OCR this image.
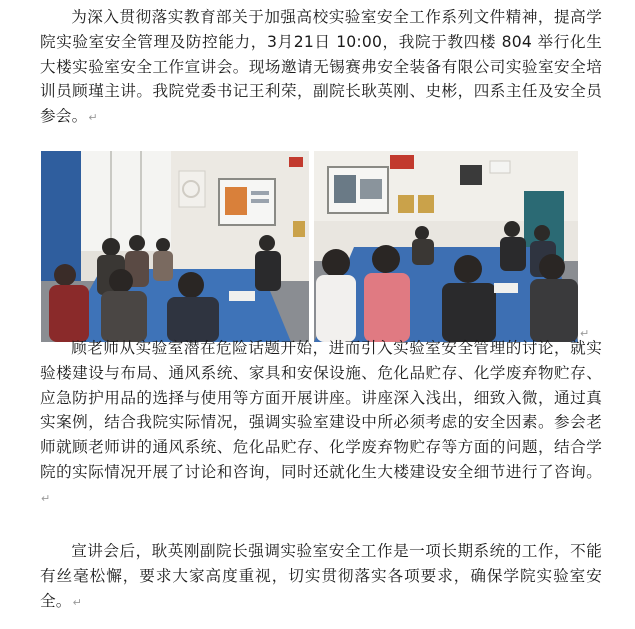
为深入贯彻落实教育部关于加强高校实验室安全工作系列文件精神，提高学院实验室安全管理及防控能力，3月21日 10:00，我院于教四楼 804 举行化生大楼实验室安全工作宣讲会。现场邀请无锡赛弗安全装备有限公司实验室安全培训员顾瑾主讲。我院党委书记王利荣，副院长耿英刚、史彬，四系主任及安全员参会。↵

↵

顾老师从实验室潜在危险话题开始，进而引入实验室安全管理的讨论，就实验楼建设与布局、通风系统、家具和安保设施、危化品贮存、化学废弃物贮存、应急防护用品的选择与使用等方面开展讲座。讲座深入浅出，细致入微，通过真实案例，结合我院实际情况，强调实验室建设中所必须考虑的安全因素。参会老师就顾老师讲的通风系统、危化品贮存、化学废弃物贮存等方面的问题，结合学院的实际情况开展了讨论和咨询，同时还就化生大楼建设安全细节进行了咨询。↵

宣讲会后，耿英刚副院长强调实验室安全工作是一项长期系统的工作，不能有丝毫松懈，要求大家高度重视，切实贯彻落实各项要求，确保学院实验室安全。↵
